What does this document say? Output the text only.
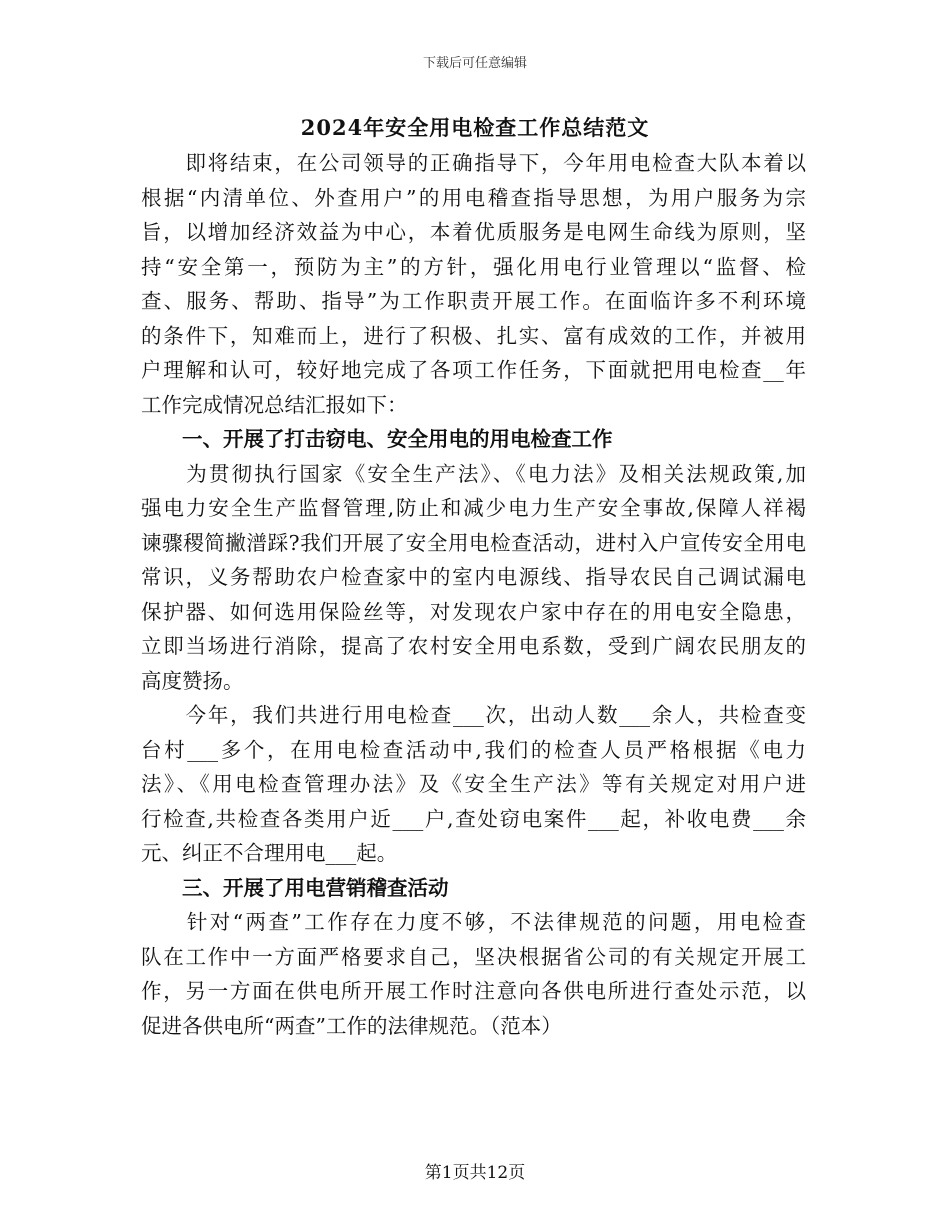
下载后可任意编辑
2024年安全用电检查工作总结范文
　　即将结束，在公司领导的正确指导下，今年用电检查大队本着以
根据“内清单位、外查用户”的用电稽查指导思想，为用户服务为宗
旨，以增加经济效益为中心，本着优质服务是电网生命线为原则，坚
持“安全第一，预防为主”的方针，强化用电行业管理以“监督、检
查、服务、帮助、指导”为工作职责开展工作。在面临许多不利环境
的条件下，知难而上，进行了积极、扎实、富有成效的工作，并被用
户理解和认可，较好地完成了各项工作任务，下面就把用电检查__年
工作完成情况总结汇报如下：
　　一、开展了打击窃电、安全用电的用电检查工作
　　为贯彻执行国家《安全生产法》、《电力法》及相关法规政策,加
强电力安全生产监督管理,防止和减少电力生产安全事故,保障人祥褐
谏骤稷简撇潽踩?我们开展了安全用电检查活动，进村入户宣传安全用电
常识，义务帮助农户检查家中的室内电源线、指导农民自己调试漏电
保护器、如何选用保险丝等，对发现农户家中存在的用电安全隐患，
立即当场进行消除，提高了农村安全用电系数，受到广阔农民朋友的
高度赞扬。
　　今年，我们共进行用电检查___次，出动人数___余人，共检查变
台村___多个，在用电检查活动中,我们的检查人员严格根据《电力
法》、《用电检查管理办法》及《安全生产法》等有关规定对用户进
行检查,共检查各类用户近___户,查处窃电案件___起，补收电费___余
元、纠正不合理用电___起。
　　三、开展了用电营销稽查活动
　　针对“两查”工作存在力度不够，不法律规范的问题，用电检查
队在工作中一方面严格要求自己，坚决根据省公司的有关规定开展工
作，另一方面在供电所开展工作时注意向各供电所进行查处示范，以
促进各供电所“两查”工作的法律规范。（范本）
第1页共12页
